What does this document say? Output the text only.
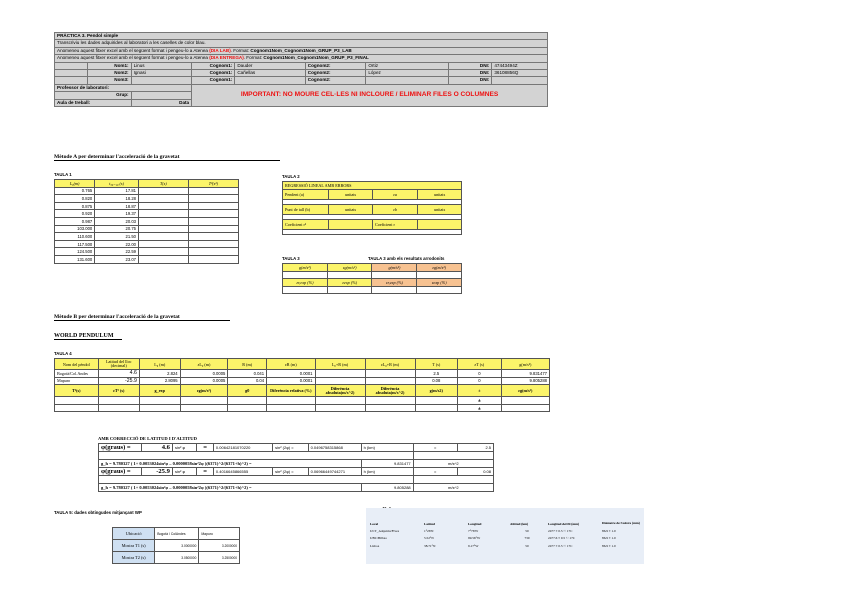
PRÀCTICA 3. Pendol simple								
Transcriviu les dades adquirides al laboratori a les caselles de color blau.								
Anomeneu aquest fitxer excel amb el següent format i pengeu-lo a Atenea (DIA LAB). Format: Cognom1Nom_Cognom1Nom_GRUP_P3_LAB								
Anomeneu aquest fitxer excel amb el següent format i pengeu-lo a Atenea (DIA ENTREGA). Format: Cognom1Nom_Cognom1Nom_GRUP_P3_FINAL								
	Nom1:	Linus	Cognom1:	Dauder	Cognom2:	Ortiz	DNI:	47443494Z
	Nom2:	Ignasi	Cognom1:	Cañellas	Cognom2:	López	DNI:	36108856Q
	Nom3:		Cognom1:		Cognom2:		DNI:	
Professor de laboratori:			IMPORTANT: NO MOURE CEL·LES NI INCLOURE / ELIMINAR FILES O COLUMNES					
Grup:								
Aula de treball:		Data						
Mètode A per determinar l'acceleració de la gravetat
TAULA 1
L₀(m)	t₅₀₋₁₀ (s)	T(s)	T²(s²)
0.765	17.81		
0.820	18.28		
0.875	18.87		
0.920	19.37		
0.987	20.03		
103.000	20.75		
110.600	21.50		
117.500	22.00		
124.500	22.59		
131.600	23.07		
TAULA 2
REGRESSIÓ LINEAL AMB ERRORS			
Pendent (a)	unitats	εa	unitats

Punt de tall (b)	unitats	εb	unitats

Coeficient r²		Coeficient r	

TAULA 3	TAULA 3 amb els resultats arrodonits
g(m/s²)	εg(m/s²)	g(m/s²)	εg(m/s²)

εr,exp (%)	εexp (%)	εr,exp (%)	εexp (%)

Mètode B per determinar l'acceleració de la gravetat
WORLD PENDULUM
TAULA 4
Nom del pèndol	Latitud del lloc (decimal)	L₀ (m)	εL₀ (m)	R (m)	εR (m)	L₀+R (m)	εL₀+R (m)	T (s)	εT (s)	g(m/s²)
Bogotà/Col.Andes	4.6	2.824	0.0005	0.041	0.0001			2.5	0	9.831477
Mapuro	-25.9	2.8095	0.0005	0.04	0.0001			0.08	0	9.805288
T²(s)	εT² (s)	g_exp	εg(m/s²)	g0	Diferència relativa (%)	Diferència absoluta(m/s^2)	Diferència absoluta(m/s^2)	g(m/s2)	±	εg(m/s²)
									±	
									±	
AMB CORRECCIÓ DE LATITUD I D'ALTITUD
φ(graus) =	4.6	sin² φ	=	0.00642181070220	sin² (2φ) =	0.0496758315868	h (km)	=	2.5

g_h = 9.780327 ( 1+ 0.0053024sin²φ – 0.0000058sin²2φ )(6371)^2/(6371+h)^2) =							9.831477	m/s^2	
φ(graus) =	-25.9	sin² φ	=	0.4016645866555	sin² (2φ) =	0.06966449744271	h (km)	=	0.08

g_h = 9.780327 ( 1+ 0.0053024sin²φ – 0.0000058sin²2φ )(6371)^2/(6371+h)^2) =							9.805288	m/s^2	
TAULA 5: dades obtingudes mitjançant WP
Ubicació	Bogotà / ColAndes	Mapuro
Mostra T1 (s)	3.0000000	3.2000000
Mostra T2 (s)	3.0500000	3.2500000
Local	Latitud	Longitud	Altitud (km)	Longitud del fil (mm)	Diàmetre de l'esfera (mm)
UCT_Adquiriu/Fives	1°26'N	7°76'W	50	2477 ± 0.5 © 17C	86.9 ± 1.0
UBC/Bilbao	5.52°N	99.56°W	730	2477.6 ± 0.5 © 17C	86.9 ± 1.0
Lisboa	38.71°N	9.17°W	50	2477 ± 0.5 © 17C	86.9 ± 1.0
